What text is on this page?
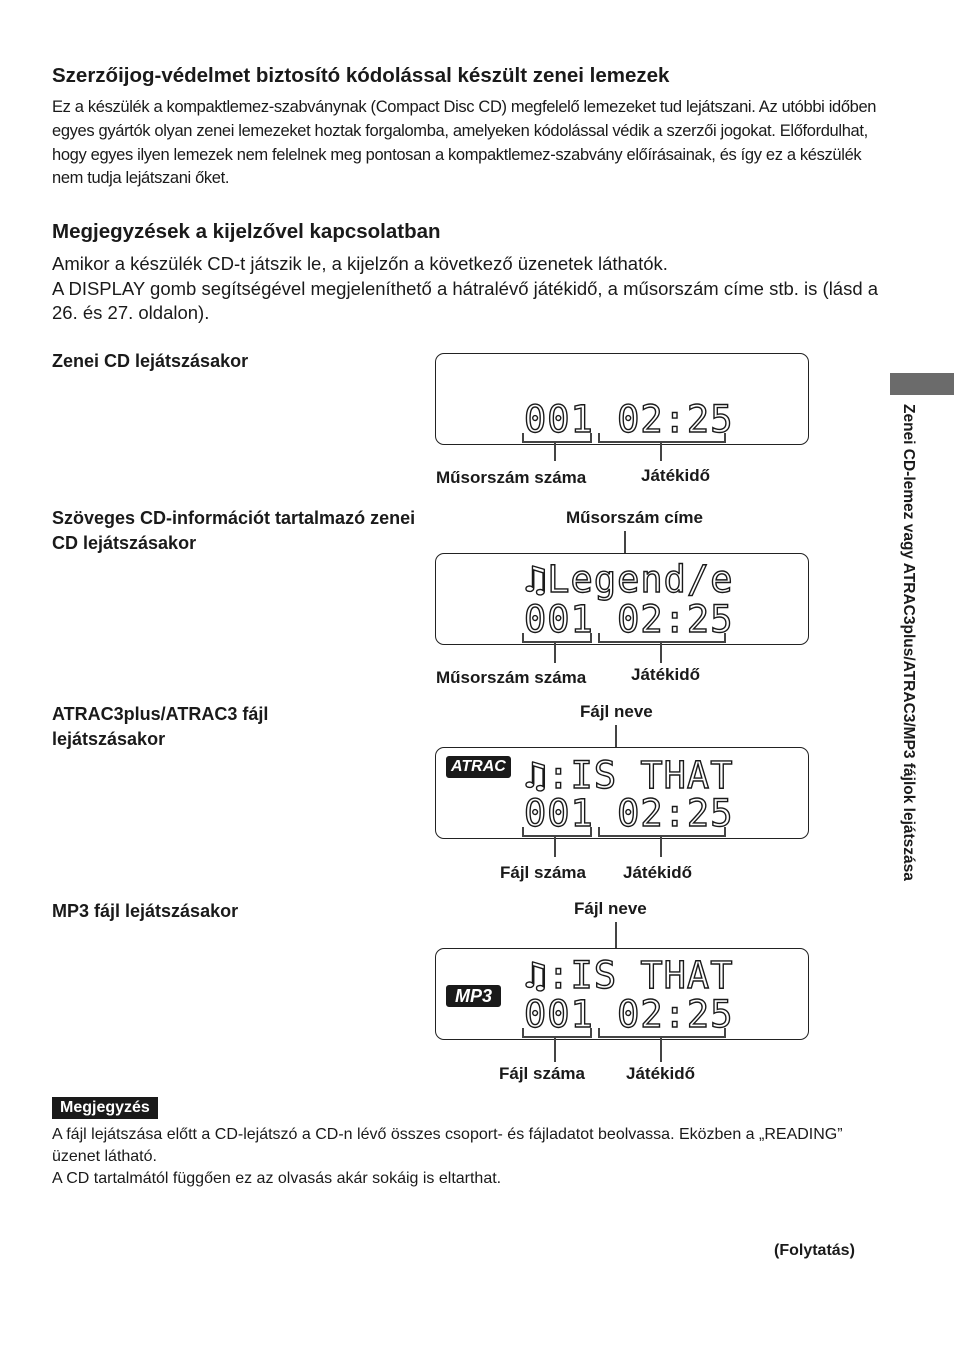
Szerzőijog-védelmet biztosító kódolással készült zenei lemezek
Ez a készülék a kompaktlemez-szabványnak (Compact Disc CD) megfelelő lemezeket tud lejátszani. Az utóbbi időben egyes gyártók olyan zenei lemezeket hoztak forgalomba, amelyeken kódolással védik a szerzői jogokat. Előfordulhat, hogy egyes ilyen lemezek nem felelnek meg pontosan a kompaktlemez-szabvány előírásainak, és így ez a készülék nem tudja lejátszani őket.
Megjegyzések a kijelzővel kapcsolatban
Amikor a készülék CD-t játszik le, a kijelzőn a következő üzenetek láthatók.
A DISPLAY gomb segítségével megjeleníthető a hátralévő játékidő, a műsorszám címe stb. is (lásd a 26. és 27. oldalon).
Zenei CD lejátszásakor
001 02:25
Műsorszám száma	Játékidő
Szöveges CD-információt tartalmazó zenei CD lejátszásakor
Műsorszám címe
♫Legend/e
001 02:25
Műsorszám száma	Játékidő
ATRAC3plus/ATRAC3 fájl lejátszásakor
Fájl neve
ATRAC ♫:IS THAT
001 02:25
Fájl száma Játékidő
MP3 fájl lejátszásakor	Fájl neve
MP3 ♫:IS THAT
001 02:25
Fájl száma Játékidő
Zenei CD-lemez vagy ATRAC3plus/ATRAC3/MP3 fájlok lejátszása
Megjegyzés
A fájl lejátszása előtt a CD-lejátszó a CD-n lévő összes csoport- és fájladatot beolvassa. Eközben a „READING” üzenet látható.
A CD tartalmától függően ez az olvasás akár sokáig is eltarthat.
(Folytatás)
